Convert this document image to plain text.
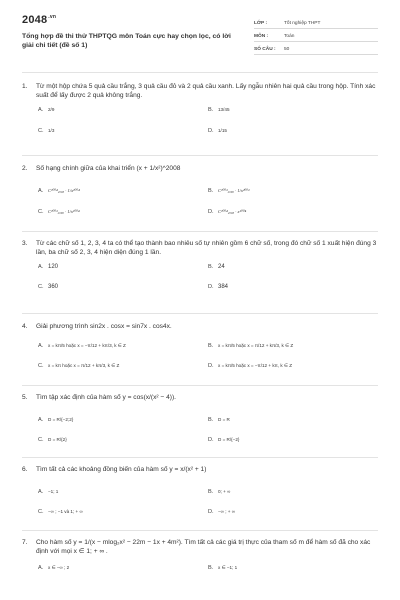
$2048^{.vn}$
Tổng hợp đề thi thử THPTQG môn Toán cực hay chọn lọc, có lời giải chi tiết (đề số 1)
LỚP :	Tốt nghiệp THPT
MÔN :	Toán
SỐ CÂU :	50
1.	Từ một hộp chứa 5 quả cầu trắng, 3 quả cầu đỏ và 2 quả cầu xanh. Lấy ngẫu nhiên hai quả cầu trong hộp. Tính xác suất để lấy được 2 quả không trắng.
A.	2/9	B.	13/45
C. 1/3	D. 1/15
2.	Số hạng chính giữa của khai triển (x + 1/x²)^2008
A.	C¹⁰⁰⁴₂₀₀₈ · 1/x¹⁰⁰⁴	B.	C¹⁰⁰³₂₀₀₈ · 1/x²⁰⁰³
C. C¹⁰⁰³₂₀₀₈ · 1/x¹⁰⁰⁴	D. C¹⁰⁰⁴₂₀₀₈ · x¹⁰⁰⁴
3.	Từ các chữ số 1, 2, 3, 4 ta có thể tạo thành bao nhiêu số tự nhiên gồm 6 chữ số, trong đó chữ số 1 xuất hiện đúng 3 lần, ba chữ số 2, 3, 4 hiện diện đúng 1 lần.
A. 120	B. 24
C. 360	D. 384
4.	Giải phương trình sin2x . cosx = sin7x . cos4x.
A.	x = kπ/5 hoặc x = −π/12 + kπ/3, k ∈ Z	B.	x = kπ/5 hoặc x = π/12 + kπ/3, k ∈ Z
C. x = kπ hoặc x = π/12 + kπ/3, k ∈ Z	D. x = kπ/5 hoặc x = −π/12 + kπ, k ∈ Z
5.	Tìm tập xác định của hàm số y = cos(x/(x² − 4)).
A.	D = R\{−2;2}	B.	D = R
C. D = R\{2}	D. D = R\{−2}
6.	Tìm tất cả các khoảng đồng biến của hàm số y = x/(x² + 1)
A.	−1; 1	B.	0; + ∞
C. −∞ ; −1 và 1; + ∞	D. −∞ ; + ∞
7.	Cho hàm số y = 1/(x − mlog₂x² − 22m − 1x + 4m²). Tìm tất cả các giá trị thực của tham số m để hàm số đã cho xác định với mọi x ∈ 1; + ∞ .
A.	x ∈ −∞ ; 2	B.	x ∈ −1; 1
